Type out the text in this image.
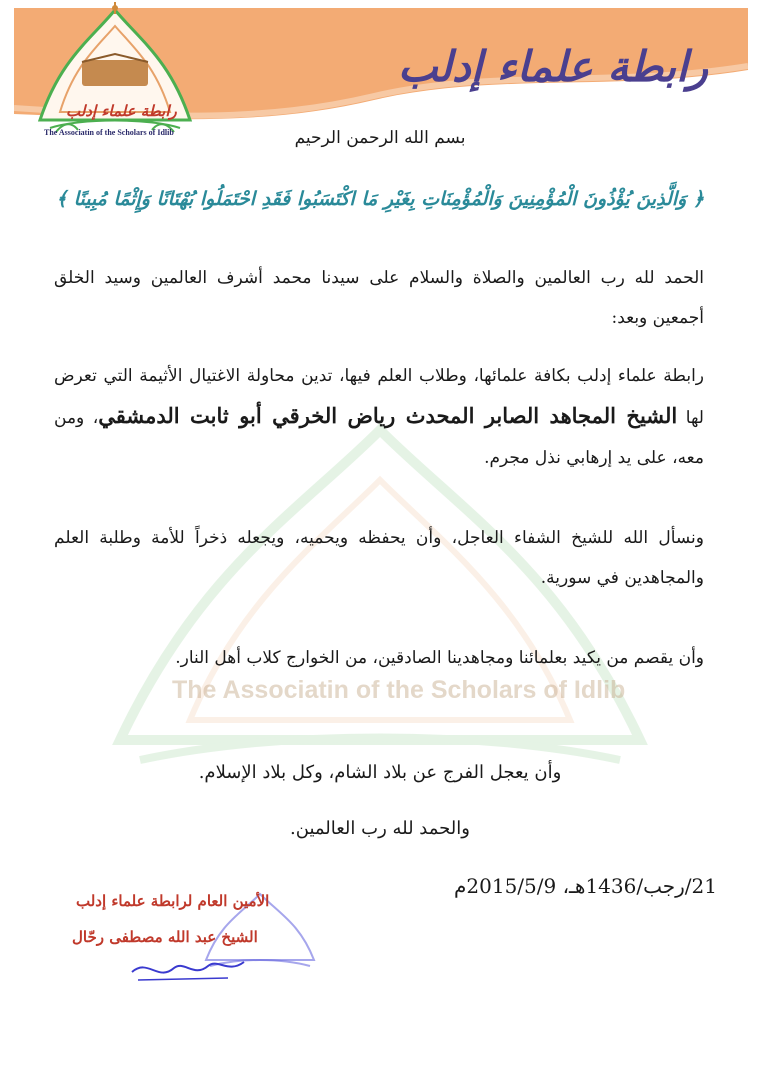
رابطة علماء إدلب
رابطة علماء إدلب
The Associatin of the Scholars of Idlib
The Associatin of the Scholars of Idlib
بسم الله الرحمن الرحيم
﴿ وَالَّذِينَ يُؤْذُونَ الْمُؤْمِنِينَ وَالْمُؤْمِنَاتِ بِغَيْرِ مَا اكْتَسَبُوا فَقَدِ احْتَمَلُوا بُهْتَانًا وَإِثْمًا مُبِينًا ﴾
الحمد لله رب العالمين والصلاة والسلام على سيدنا محمد أشرف العالمين وسيد الخلق أجمعين وبعد:
رابطة علماء إدلب بكافة علمائها، وطلاب العلم فيها، تدين محاولة الاغتيال الأثيمة التي تعرض لها الشيخ المجاهد الصابر المحدث رياض الخرقي أبو ثابت الدمشقي، ومن معه، على يد إرهابي نذل مجرم.
ونسأل الله للشيخ الشفاء العاجل، وأن يحفظه ويحميه، ويجعله ذخراً للأمة وطلبة العلم والمجاهدين في سورية.
وأن يقصم من يكيد بعلمائنا ومجاهدينا الصادقين، من الخوارج كلاب أهل النار.
وأن يعجل الفرج عن بلاد الشام، وكل بلاد الإسلام.
والحمد لله رب العالمين.
21/رجب/1436هـ، 2015/5/9م
الأمين العام لرابطة علماء إدلب
الشيخ عبد الله مصطفى رحّال
